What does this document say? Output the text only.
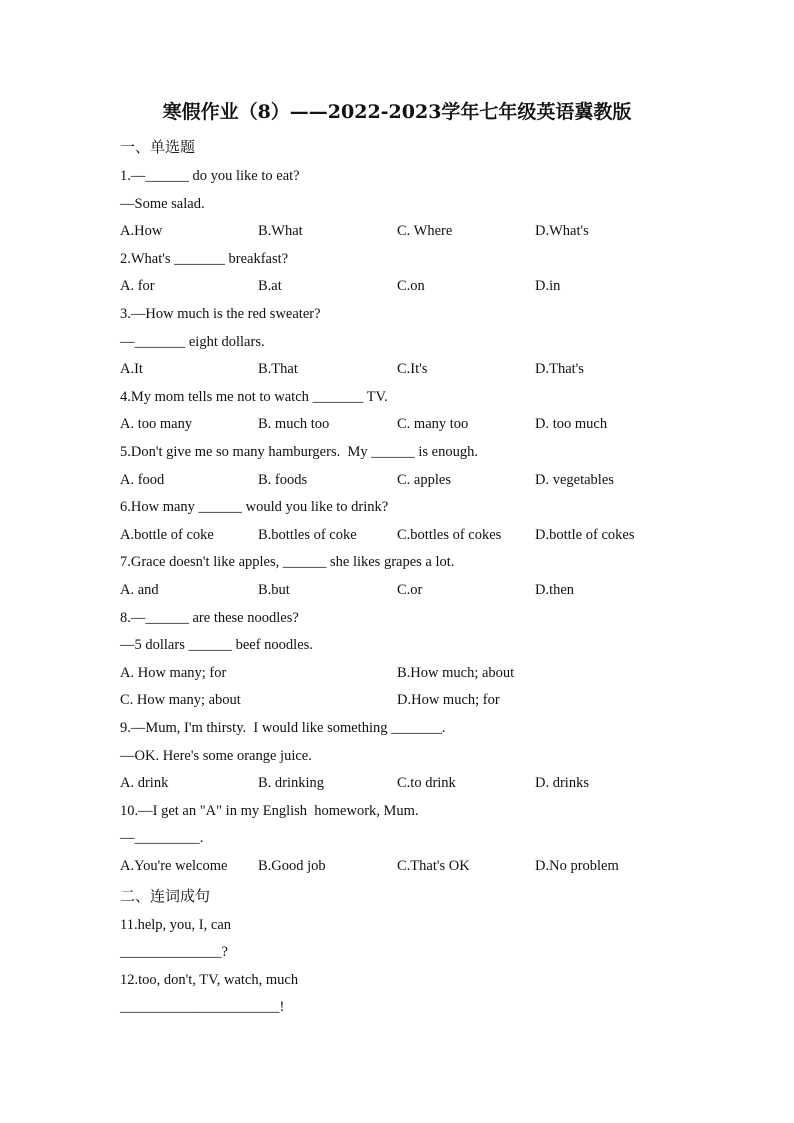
寒假作业（8）——2022-2023学年七年级英语冀教版
一、单选题
1.—______ do you like to eat?
—Some salad.
A.How	B.What	C. Where	D.What's
2.What's _______ breakfast?
A. for	B.at	C.on	D.in
3.—How much is the red sweater?
—_______ eight dollars.
A.It	B.That	C.It's	D.That's
4.My mom tells me not to watch _______ TV.
A. too many	B. much too	C. many too	D. too much
5.Don't give me so many hamburgers.  My ______ is enough.
A. food	B. foods	C. apples	D. vegetables
6.How many ______ would you like to drink?
A.bottle of coke	B.bottles of coke	C.bottles of cokes D.bottle of cokes
7.Grace doesn't like apples, ______ she likes grapes a lot.
A. and	B.but	C.or	D.then
8.—______ are these noodles?
—5 dollars ______ beef noodles.
A. How many; for	B.How much; about
C. How many; about	D.How much; for
9.—Mum, I'm thirsty.  I would like something _______.
—OK. Here's some orange juice.
A. drink	B. drinking	C.to drink	D. drinks
10.—I get an "A" in my English  homework, Mum.
—_________.
A.You're welcome B.Good job	C.That's OK	D.No problem
二、连词成句
11.help, you, I, can
______________?
12.too, don't, TV, watch, much
______________________!
